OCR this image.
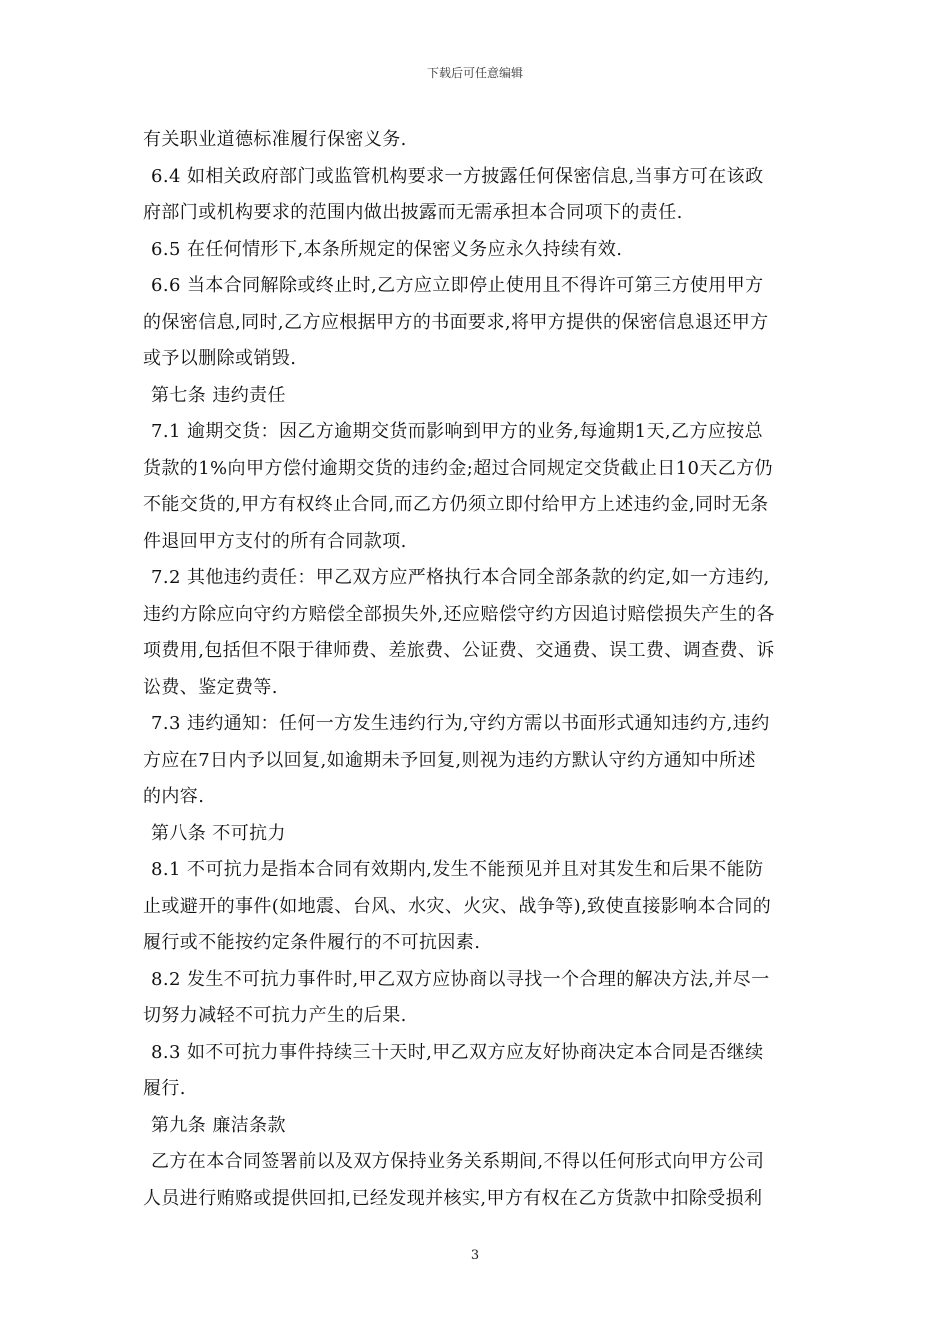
下载后可任意编辑
有关职业道德标准履行保密义务.
6.4 如相关政府部门或监管机构要求一方披露任何保密信息,当事方可在该政
府部门或机构要求的范围内做出披露而无需承担本合同项下的责任.
6.5 在任何情形下,本条所规定的保密义务应永久持续有效.
6.6 当本合同解除或终止时,乙方应立即停止使用且不得许可第三方使用甲方
的保密信息,同时,乙方应根据甲方的书面要求,将甲方提供的保密信息退还甲方
或予以删除或销毁.
第七条 违约责任
7.1 逾期交货：因乙方逾期交货而影响到甲方的业务,每逾期1天,乙方应按总
货款的1%向甲方偿付逾期交货的违约金;超过合同规定交货截止日10天乙方仍
不能交货的,甲方有权终止合同,而乙方仍须立即付给甲方上述违约金,同时无条
件退回甲方支付的所有合同款项.
7.2 其他违约责任：甲乙双方应严格执行本合同全部条款的约定,如一方违约,
违约方除应向守约方赔偿全部损失外,还应赔偿守约方因追讨赔偿损失产生的各
项费用,包括但不限于律师费、差旅费、公证费、交通费、误工费、调查费、诉
讼费、鉴定费等.
7.3 违约通知：任何一方发生违约行为,守约方需以书面形式通知违约方,违约
方应在7日内予以回复,如逾期未予回复,则视为违约方默认守约方通知中所述
的内容.
第八条 不可抗力
8.1 不可抗力是指本合同有效期内,发生不能预见并且对其发生和后果不能防
止或避开的事件(如地震、台风、水灾、火灾、战争等),致使直接影响本合同的
履行或不能按约定条件履行的不可抗因素.
8.2 发生不可抗力事件时,甲乙双方应协商以寻找一个合理的解决方法,并尽一
切努力减轻不可抗力产生的后果.
8.3 如不可抗力事件持续三十天时,甲乙双方应友好协商决定本合同是否继续
履行.
第九条 廉洁条款
乙方在本合同签署前以及双方保持业务关系期间,不得以任何形式向甲方公司
人员进行贿赂或提供回扣,已经发现并核实,甲方有权在乙方货款中扣除受损利
3
